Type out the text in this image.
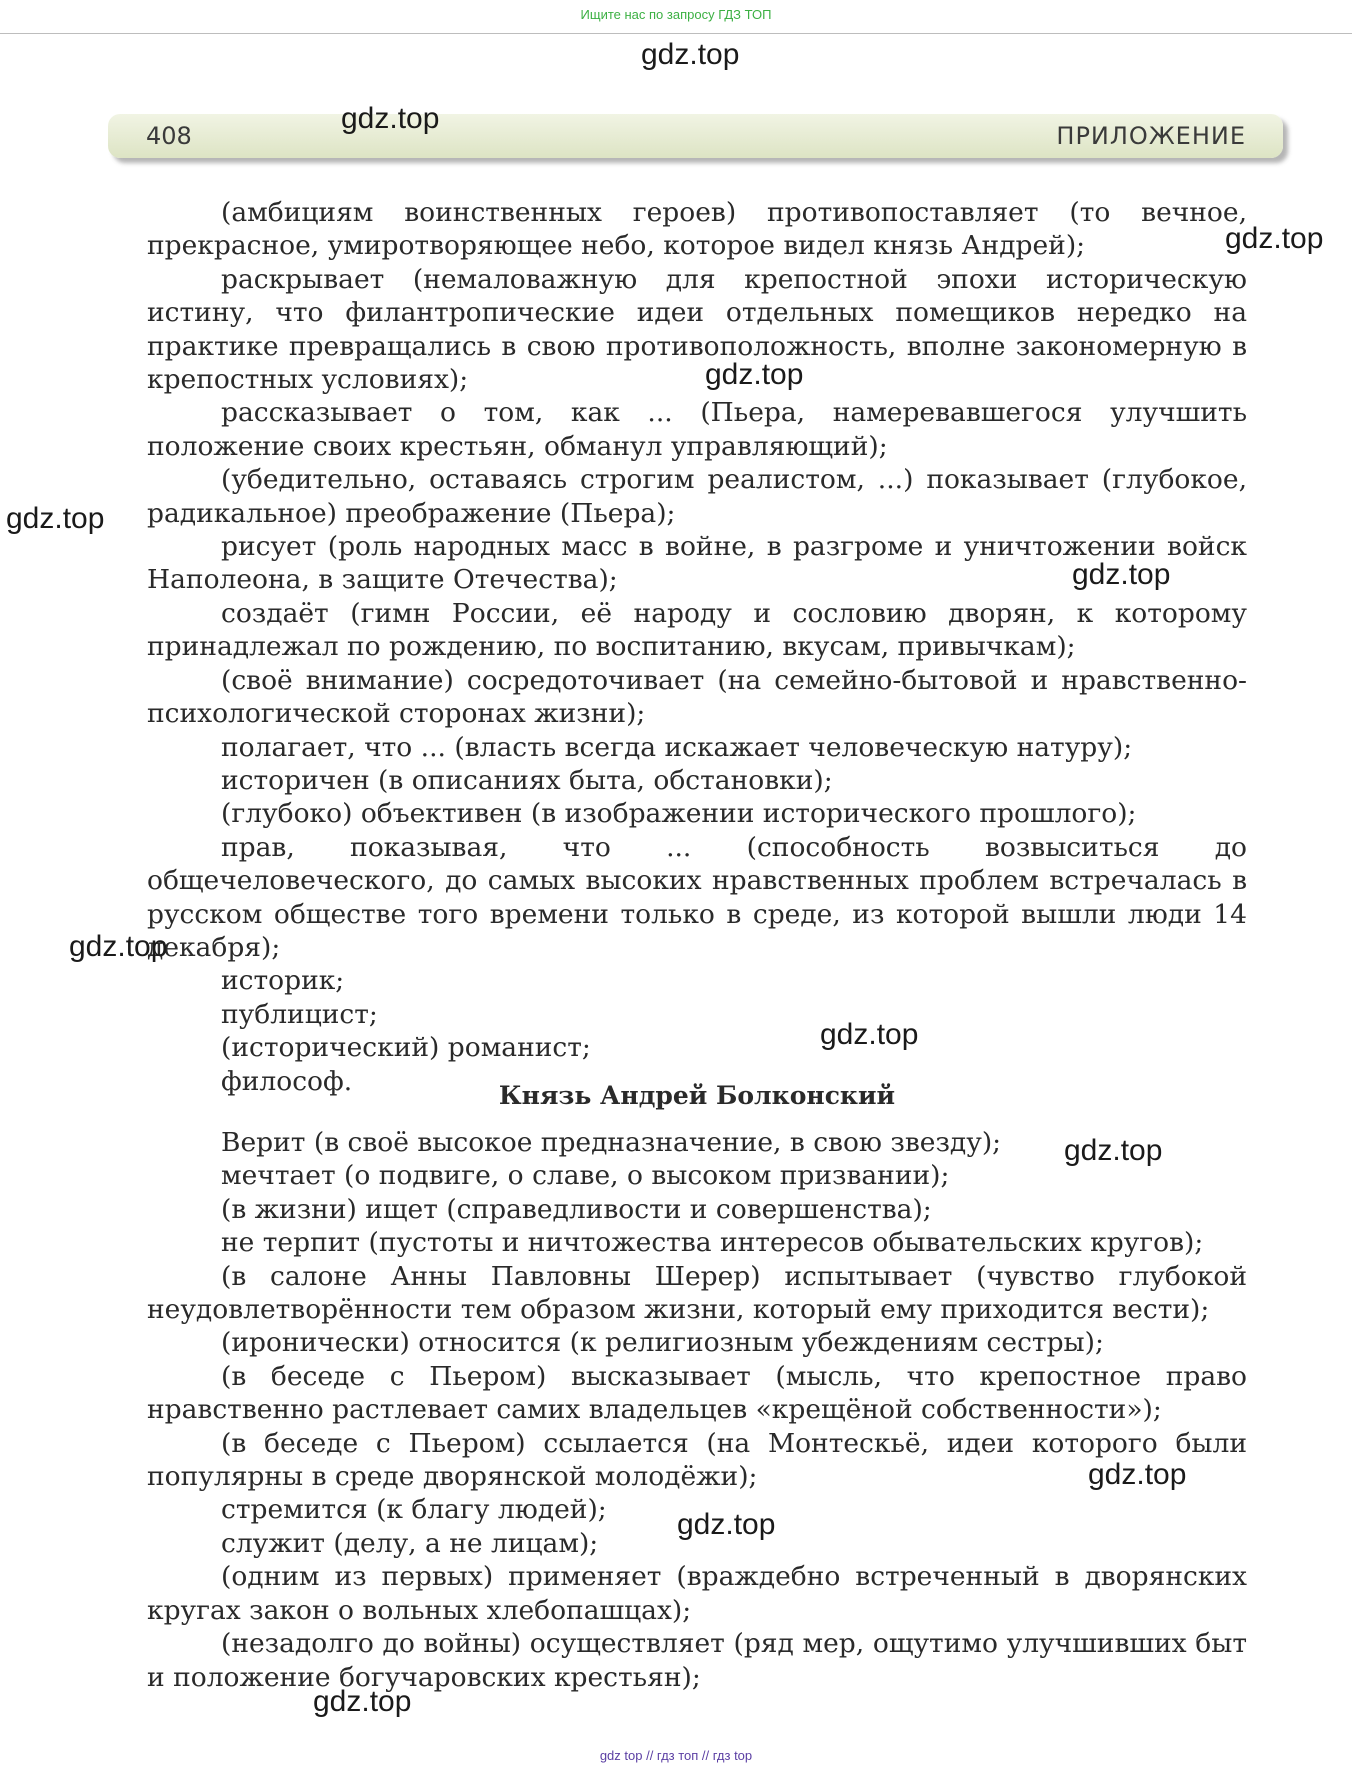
Ищите нас по запросу ГДЗ ТОП
408	ПРИЛОЖЕНИЕ

(амбициям воинственных героев) противопоставляет (то вечное, прекрасное, умиротворяющее небо, которое видел князь Андрей);

раскрывает (немаловажную для крепостной эпохи историческую истину, что филантропические идеи отдельных помещиков нередко на практике превращались в свою противоположность, вполне закономерную в крепостных условиях);

рассказывает о том, как ... (Пьера, намеревавшегося улучшить положение своих крестьян, обманул управляющий);

(убедительно, оставаясь строгим реалистом, ...) показывает (глубокое, радикальное) преображение (Пьера);

рисует (роль народных масс в войне, в разгроме и уничтожении войск Наполеона, в защите Отечества);

создаёт (гимн России, её народу и сословию дворян, к которому принадлежал по рождению, по воспитанию, вкусам, привычкам);

(своё внимание) сосредоточивает (на семейно-бытовой и нравственно-психологической сторонах жизни);

полагает, что ... (власть всегда искажает человеческую натуру);

историчен (в описаниях быта, обстановки);

(глубоко) объективен (в изображении исторического прошлого);

прав, показывая, что ... (способность возвыситься до общечеловеческого, до самых высоких нравственных проблем встречалась в русском обществе того времени только в среде, из которой вышли люди 14 декабря);

историк;

публицист;

(исторический) романист;

философ.	Князь Андрей Болконский

Верит (в своё высокое предназначение, в свою звезду);

мечтает (о подвиге, о славе, о высоком призвании);

(в жизни) ищет (справедливости и совершенства);

не терпит (пустоты и ничтожества интересов обывательских кругов);

(в салоне Анны Павловны Шерер) испытывает (чувство глубокой неудовлетворённости тем образом жизни, который ему приходится вести);

(иронически) относится (к религиозным убеждениям сестры);

(в беседе с Пьером) высказывает (мысль, что крепостное право нравственно растлевает самих владельцев «крещёной собственности»);

(в беседе с Пьером) ссылается (на Монтескьё, идеи которого были популярны в среде дворянской молодёжи);

стремится (к благу людей);

служит (делу, а не лицам);

(одним из первых) применяет (враждебно встреченный в дворянских кругах закон о вольных хлебопашцах);

(незадолго до войны) осуществляет (ряд мер, ощутимо улучшивших быт и положение богучаровских крестьян);

gdz.top
gdz.top
gdz.top
gdz.top
gdz.top
gdz.top
gdz.top
gdz.top
gdz.top
gdz.top
gdz.top
gdz.top
gdz top // гдз топ // гдз top
